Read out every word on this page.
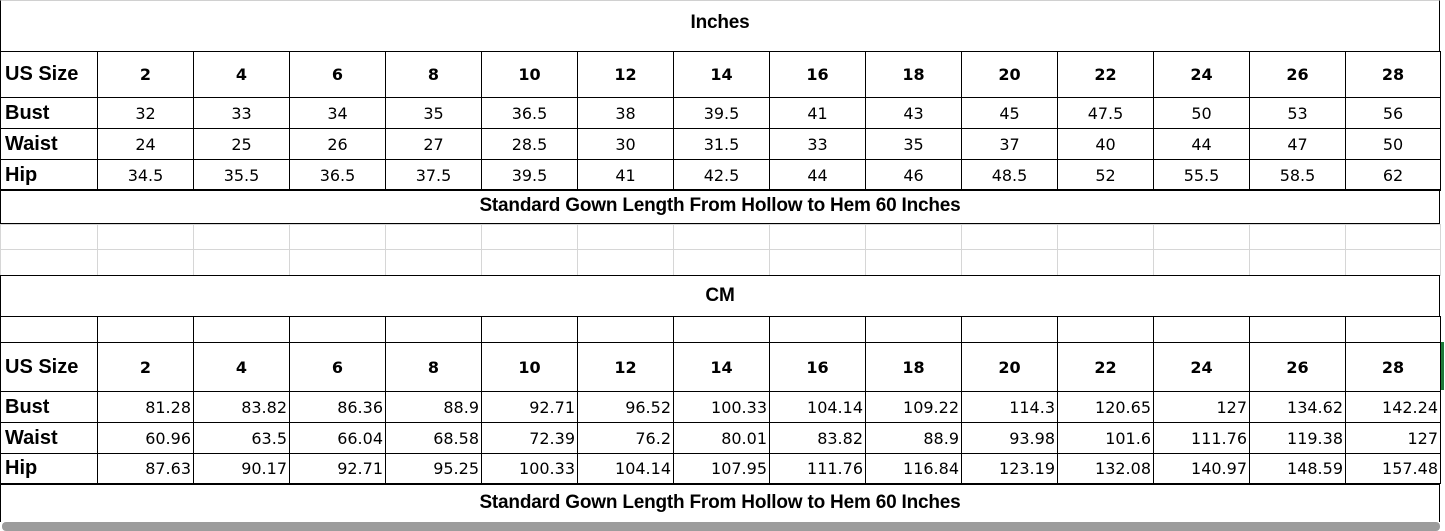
Inches
US Size	2	4	6	8	10	12	14	16	18	20	22	24	26	28
Bust	32	33	34	35	36.5	38	39.5	41	43	45	47.5	50	53	56
Waist	24	25	26	27	28.5	30	31.5	33	35	37	40	44	47	50
Hip	34.5	35.5	36.5	37.5	39.5	41	42.5	44	46	48.5	52	55.5	58.5	62
Standard Gown Length From Hollow to Hem 60 Inches

CM

US Size	2	4	6	8	10	12	14	16	18	20	22	24	26	28
Bust	81.28	83.82	86.36	88.9	92.71	96.52	100.33	104.14	109.22	114.3	120.65	127	134.62	142.24
Waist	60.96	63.5	66.04	68.58	72.39	76.2	80.01	83.82	88.9	93.98	101.6	111.76	119.38	127
Hip	87.63	90.17	92.71	95.25	100.33	104.14	107.95	111.76	116.84	123.19	132.08	140.97	148.59	157.48
Standard Gown Length From Hollow to Hem 60 Inches
